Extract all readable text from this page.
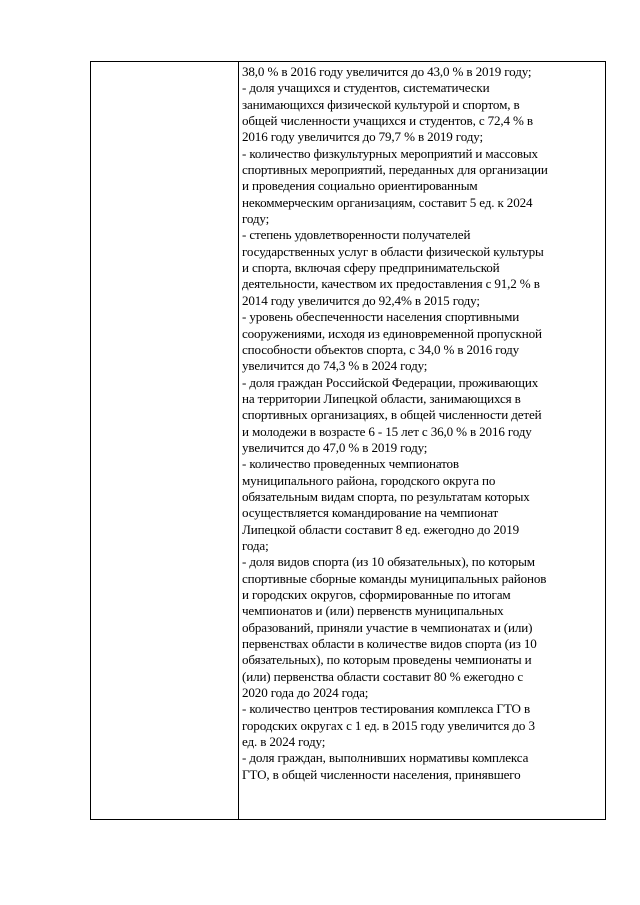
38,0 % в 2016 году увеличится до 43,0 % в 2019 году;
- доля учащихся и студентов, систематически
занимающихся физической культурой и спортом, в
общей численности учащихся и студентов, с 72,4 % в
2016 году увеличится до 79,7 % в 2019 году;
- количество физкультурных мероприятий и массовых
спортивных мероприятий, переданных для организации
и проведения социально ориентированным
некоммерческим организациям, составит 5 ед. к 2024
году;
- степень удовлетворенности получателей
государственных услуг в области физической культуры
и спорта, включая сферу предпринимательской
деятельности, качеством их предоставления с 91,2 % в
2014 году увеличится до 92,4% в 2015 году;
- уровень обеспеченности населения спортивными
сооружениями, исходя из единовременной пропускной
способности объектов спорта, с 34,0 % в 2016 году
увеличится до 74,3 % в 2024 году;
- доля граждан Российской Федерации, проживающих
на территории Липецкой области, занимающихся в
спортивных организациях, в общей численности детей
и молодежи в возрасте 6 - 15 лет с 36,0 % в 2016 году
увеличится до 47,0 % в 2019 году;
- количество проведенных чемпионатов
муниципального района, городского округа по
обязательным видам спорта, по результатам которых
осуществляется командирование на чемпионат
Липецкой области составит 8 ед. ежегодно до 2019
года;
- доля видов спорта (из 10 обязательных), по которым
спортивные сборные команды муниципальных районов
и городских округов, сформированные по итогам
чемпионатов и (или) первенств муниципальных
образований, приняли участие в чемпионатах и (или)
первенствах области в количестве видов спорта (из 10
обязательных), по которым проведены чемпионаты и
(или) первенства области составит 80 % ежегодно с
2020 года до 2024 года;
- количество центров тестирования комплекса ГТО в
городских округах с 1 ед. в 2015 году увеличится до 3
ед. в 2024 году;
- доля граждан, выполнивших нормативы комплекса
ГТО, в общей численности населения, принявшего
